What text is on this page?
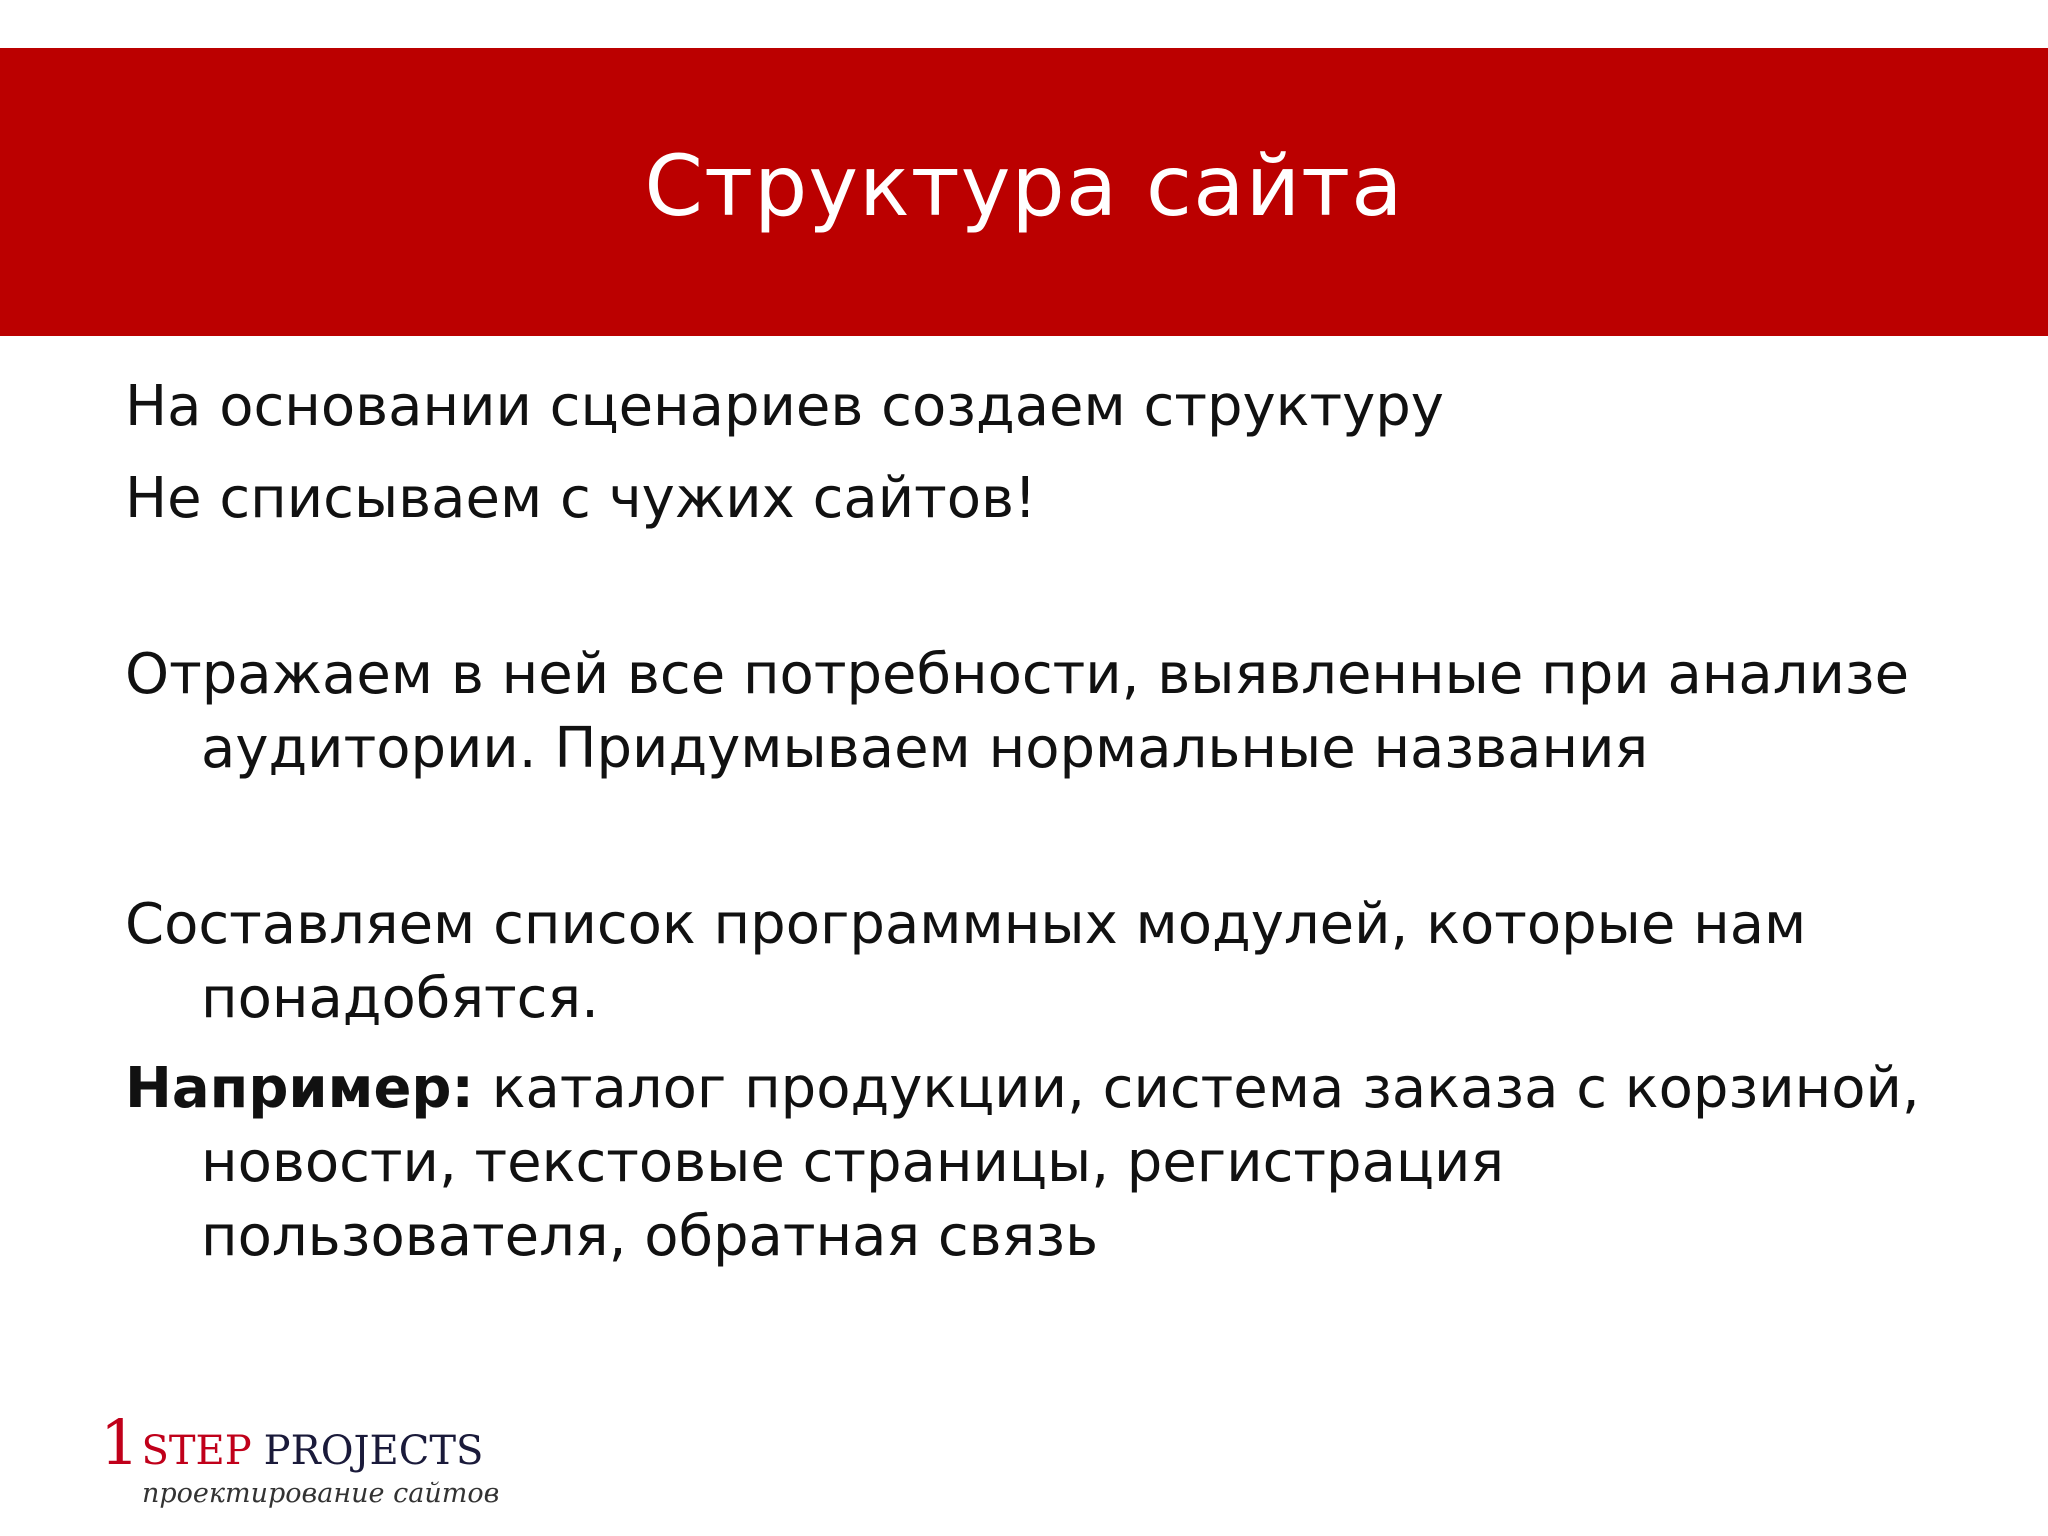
Структура сайта

На основании сценариев создаем структуру

Не списываем с чужих сайтов!

Отражаем в ней все потребности, выявленные при анализе аудитории. Придумываем нормальные названия

Составляем список программных модулей, которые нам понадобятся.

Например: каталог продукции, система заказа с корзиной, новости, текстовые страницы, регистрация пользователя, обратная связь

1 STEP PROJECTS
проектирование сайтов
